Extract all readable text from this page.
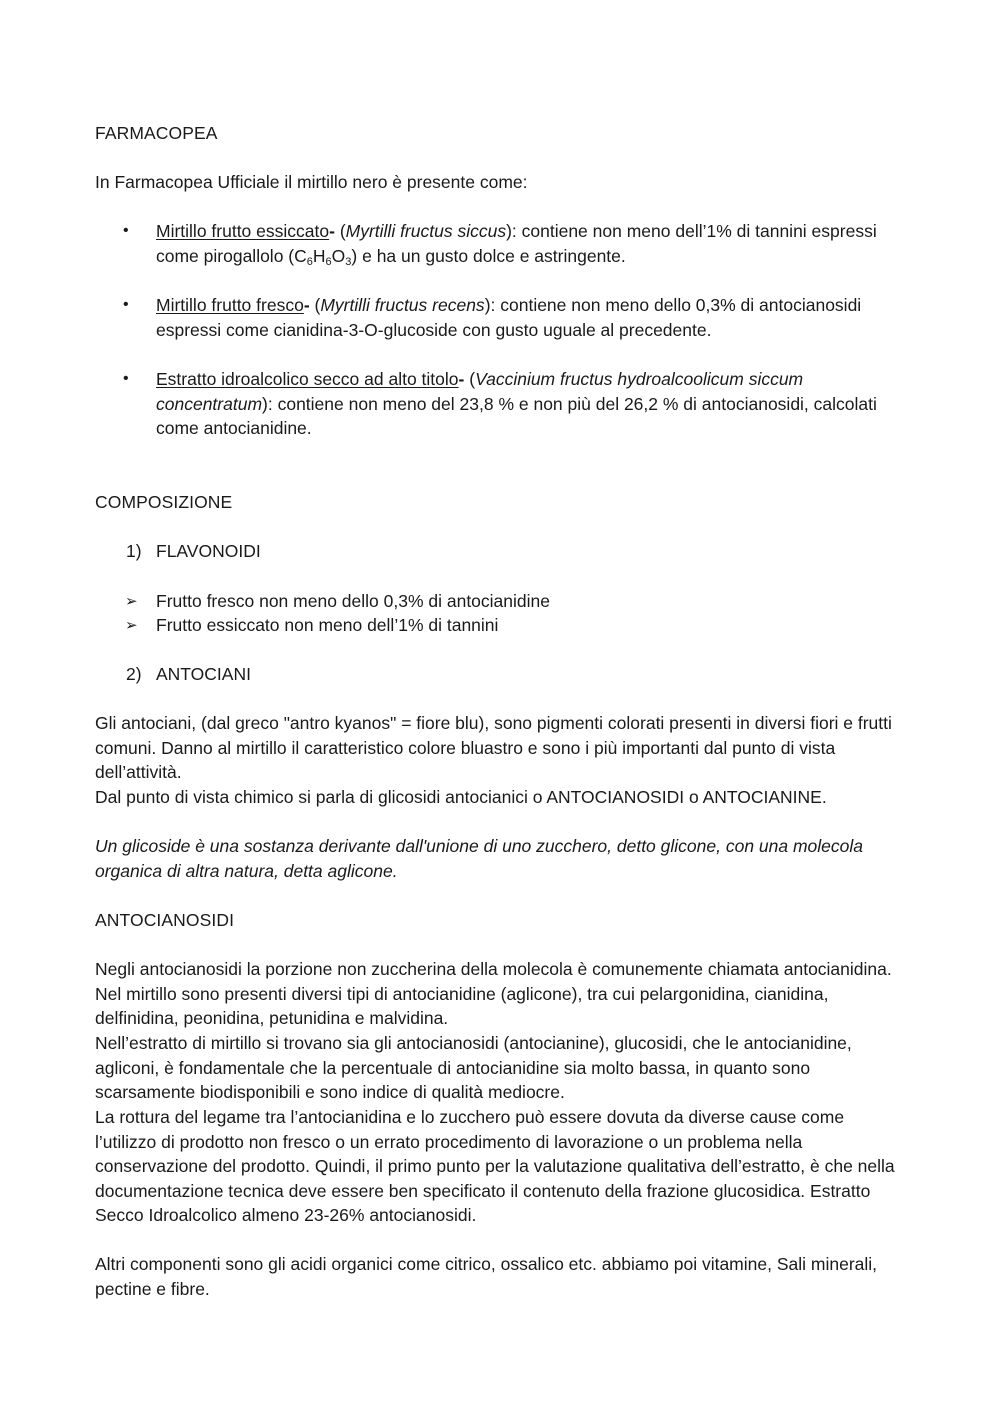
FARMACOPEA
In Farmacopea Ufficiale il mirtillo nero è presente come:
•	Mirtillo frutto essiccato- (Myrtilli fructus siccus): contiene non meno dell’1% di tannini espressi come pirogallolo $(C_6H_6O_3)$ e ha un gusto dolce e astringente.
•	Mirtillo frutto fresco- (Myrtilli fructus recens): contiene non meno dello 0,3% di antocianosidi espressi come cianidina-3-O-glucoside con gusto uguale al precedente.
•	Estratto idroalcolico secco ad alto titolo- (Vaccinium fructus hydroalcoolicum siccum concentratum): contiene non meno del 23,8 % e non più del 26,2 % di antocianosidi, calcolati come antocianidine.
COMPOSIZIONE
1) FLAVONOIDI
➢	Frutto fresco non meno dello 0,3% di antocianidine
➢	Frutto essiccato non meno dell’1% di tannini
2) ANTOCIANI

Gli antociani, (dal greco "antro kyanos" = fiore blu), sono pigmenti colorati presenti in diversi fiori e frutti comuni. Danno al mirtillo il caratteristico colore bluastro e sono i più importanti dal punto di vista dell’attività.

Dal punto di vista chimico si parla di glicosidi antocianici o ANTOCIANOSIDI o ANTOCIANINE.

Un glicoside è una sostanza derivante dall'unione di uno zucchero, detto glicone, con una molecola organica di altra natura, detta aglicone.

ANTOCIANOSIDI

Negli antocianosidi la porzione non zuccherina della molecola è comunemente chiamata antocianidina. Nel mirtillo sono presenti diversi tipi di antocianidine (aglicone), tra cui pelargonidina, cianidina, delfinidina, peonidina, petunidina e malvidina.

Nell’estratto di mirtillo si trovano sia gli antocianosidi (antocianine), glucosidi, che le antocianidine, agliconi, è fondamentale che la percentuale di antocianidine sia molto bassa, in quanto sono scarsamente biodisponibili e sono indice di qualità mediocre.

La rottura del legame tra l’antocianidina e lo zucchero può essere dovuta da diverse cause come l’utilizzo di prodotto non fresco o un errato procedimento di lavorazione o un problema nella conservazione del prodotto. Quindi, il primo punto per la valutazione qualitativa dell’estratto, è che nella documentazione tecnica deve essere ben specificato il contenuto della frazione glucosidica. Estratto Secco Idroalcolico almeno 23-26% antocianosidi.

Altri componenti sono gli acidi organici come citrico, ossalico etc. abbiamo poi vitamine, Sali minerali, pectine e fibre.
